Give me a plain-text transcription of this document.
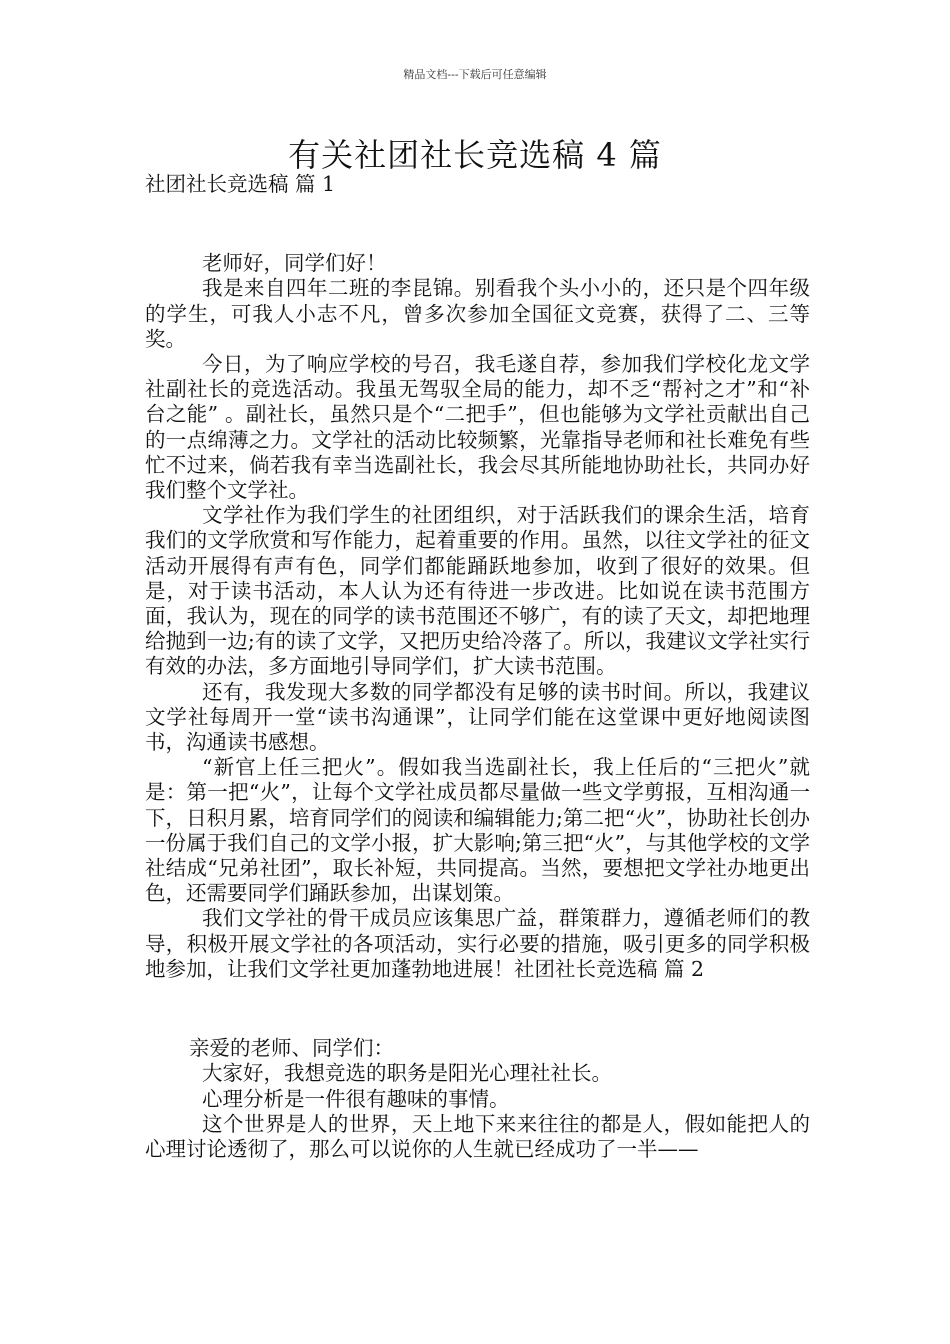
精品文档---下载后可任意编辑
有关社团社长竞选稿 4 篇

社团社长竞选稿 篇 1

老师好，同学们好！

我是来自四年二班的李昆锦。别看我个头小小的，还只是个四年级的学生，可我人小志不凡，曾多次参加全国征文竞赛，获得了二、三等奖。

今日，为了响应学校的号召，我毛遂自荐，参加我们学校化龙文学社副社长的竞选活动。我虽无驾驭全局的能力，却不乏“帮衬之才”和“补台之能” 。副社长，虽然只是个“二把手”，但也能够为文学社贡献出自己的一点绵薄之力。文学社的活动比较频繁，光靠指导老师和社长难免有些忙不过来，倘若我有幸当选副社长，我会尽其所能地协助社长，共同办好我们整个文学社。

文学社作为我们学生的社团组织，对于活跃我们的课余生活，培育我们的文学欣赏和写作能力，起着重要的作用。虽然，以往文学社的征文活动开展得有声有色，同学们都能踊跃地参加，收到了很好的效果。但是，对于读书活动，本人认为还有待进一步改进。比如说在读书范围方面，我认为，现在的同学的读书范围还不够广，有的读了天文，却把地理给抛到一边;有的读了文学，又把历史给冷落了。所以，我建议文学社实行有效的办法，多方面地引导同学们，扩大读书范围。

还有，我发现大多数的同学都没有足够的读书时间。所以，我建议文学社每周开一堂“读书沟通课”，让同学们能在这堂课中更好地阅读图书，沟通读书感想。

“新官上任三把火”。假如我当选副社长，我上任后的“三把火”就是：第一把“火”，让每个文学社成员都尽量做一些文学剪报，互相沟通一下，日积月累，培育同学们的阅读和编辑能力;第二把“火”，协助社长创办一份属于我们自己的文学小报，扩大影响;第三把“火”，与其他学校的文学社结成“兄弟社团”，取长补短，共同提高。当然，要想把文学社办地更出色，还需要同学们踊跃参加，出谋划策。

我们文学社的骨干成员应该集思广益，群策群力，遵循老师们的教导，积极开展文学社的各项活动，实行必要的措施，吸引更多的同学积极地参加，让我们文学社更加蓬勃地进展！社团社长竞选稿 篇 2

亲爱的老师、同学们：

大家好，我想竞选的职务是阳光心理社社长。

心理分析是一件很有趣味的事情。

这个世界是人的世界，天上地下来来往往的都是人，假如能把人的心理讨论透彻了，那么可以说你的人生就已经成功了一半——
